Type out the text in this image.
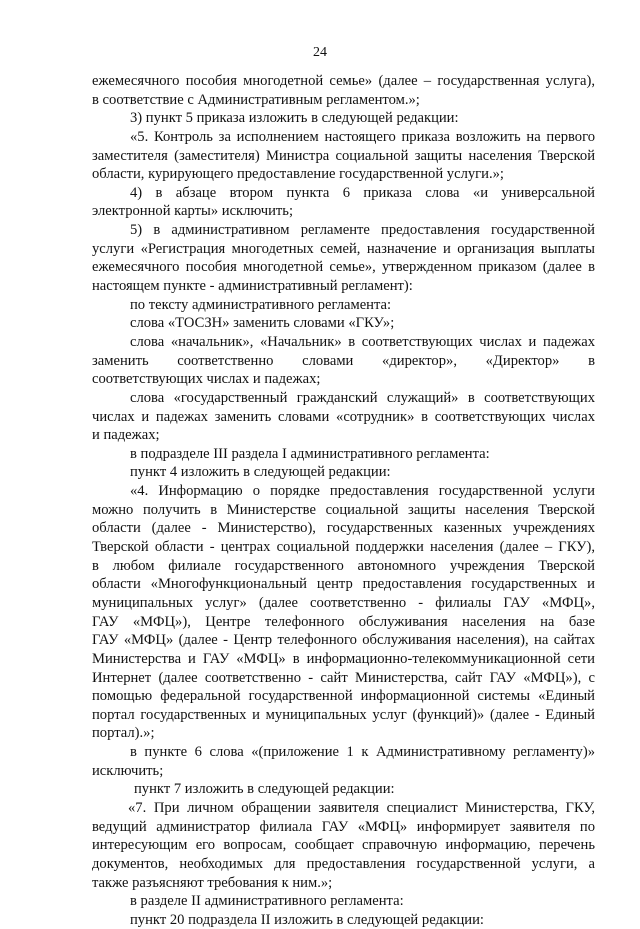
24
ежемесячного пособия многодетной семье» (далее – государственная услуга),
в соответствие с Административным регламентом.»;
3) пункт 5 приказа изложить в следующей редакции:
«5. Контроль за исполнением настоящего приказа возложить на первого
заместителя (заместителя) Министра социальной защиты населения Тверской
области, курирующего предоставление государственной услуги.»;
4) в абзаце втором пункта 6 приказа слова «и универсальной
электронной карты» исключить;
5) в административном регламенте предоставления государственной
услуги «Регистрация многодетных семей, назначение и организация выплаты
ежемесячного пособия многодетной семье», утвержденном приказом (далее в
настоящем пункте - административный регламент):
по тексту административного регламента:
слова «ТОСЗН» заменить словами «ГКУ»;
слова «начальник», «Начальник» в соответствующих числах и падежах
заменить соответственно словами «директор», «Директор» в
соответствующих числах и падежах;
слова «государственный гражданский служащий» в соответствующих
числах и падежах заменить словами «сотрудник» в соответствующих числах
и падежах;
в подразделе III раздела I административного регламента:
пункт 4 изложить в следующей редакции:
«4. Информацию о порядке предоставления государственной услуги
можно получить в Министерстве социальной защиты населения Тверской
области (далее - Министерство), государственных казенных учреждениях
Тверской области - центрах социальной поддержки населения (далее – ГКУ),
в любом филиале государственного автономного учреждения Тверской
области «Многофункциональный центр предоставления государственных и
муниципальных услуг» (далее соответственно - филиалы ГАУ «МФЦ»,
ГАУ «МФЦ»), Центре телефонного обслуживания населения на базе
ГАУ «МФЦ» (далее - Центр телефонного обслуживания населения), на сайтах
Министерства и ГАУ «МФЦ» в информационно-телекоммуникационной сети
Интернет (далее соответственно - сайт Министерства, сайт ГАУ «МФЦ»), с
помощью федеральной государственной информационной системы «Единый
портал государственных и муниципальных услуг (функций)» (далее - Единый
портал).»;
в пункте 6 слова «(приложение 1 к Административному регламенту)»
исключить;
пункт 7 изложить в следующей редакции:
«7. При личном обращении заявителя специалист Министерства, ГКУ,
ведущий администратор филиала ГАУ «МФЦ» информирует заявителя по
интересующим его вопросам, сообщает справочную информацию, перечень
документов, необходимых для предоставления государственной услуги, а
также разъясняют требования к ним.»;
в разделе II административного регламента:
пункт 20 подраздела II изложить в следующей редакции:
